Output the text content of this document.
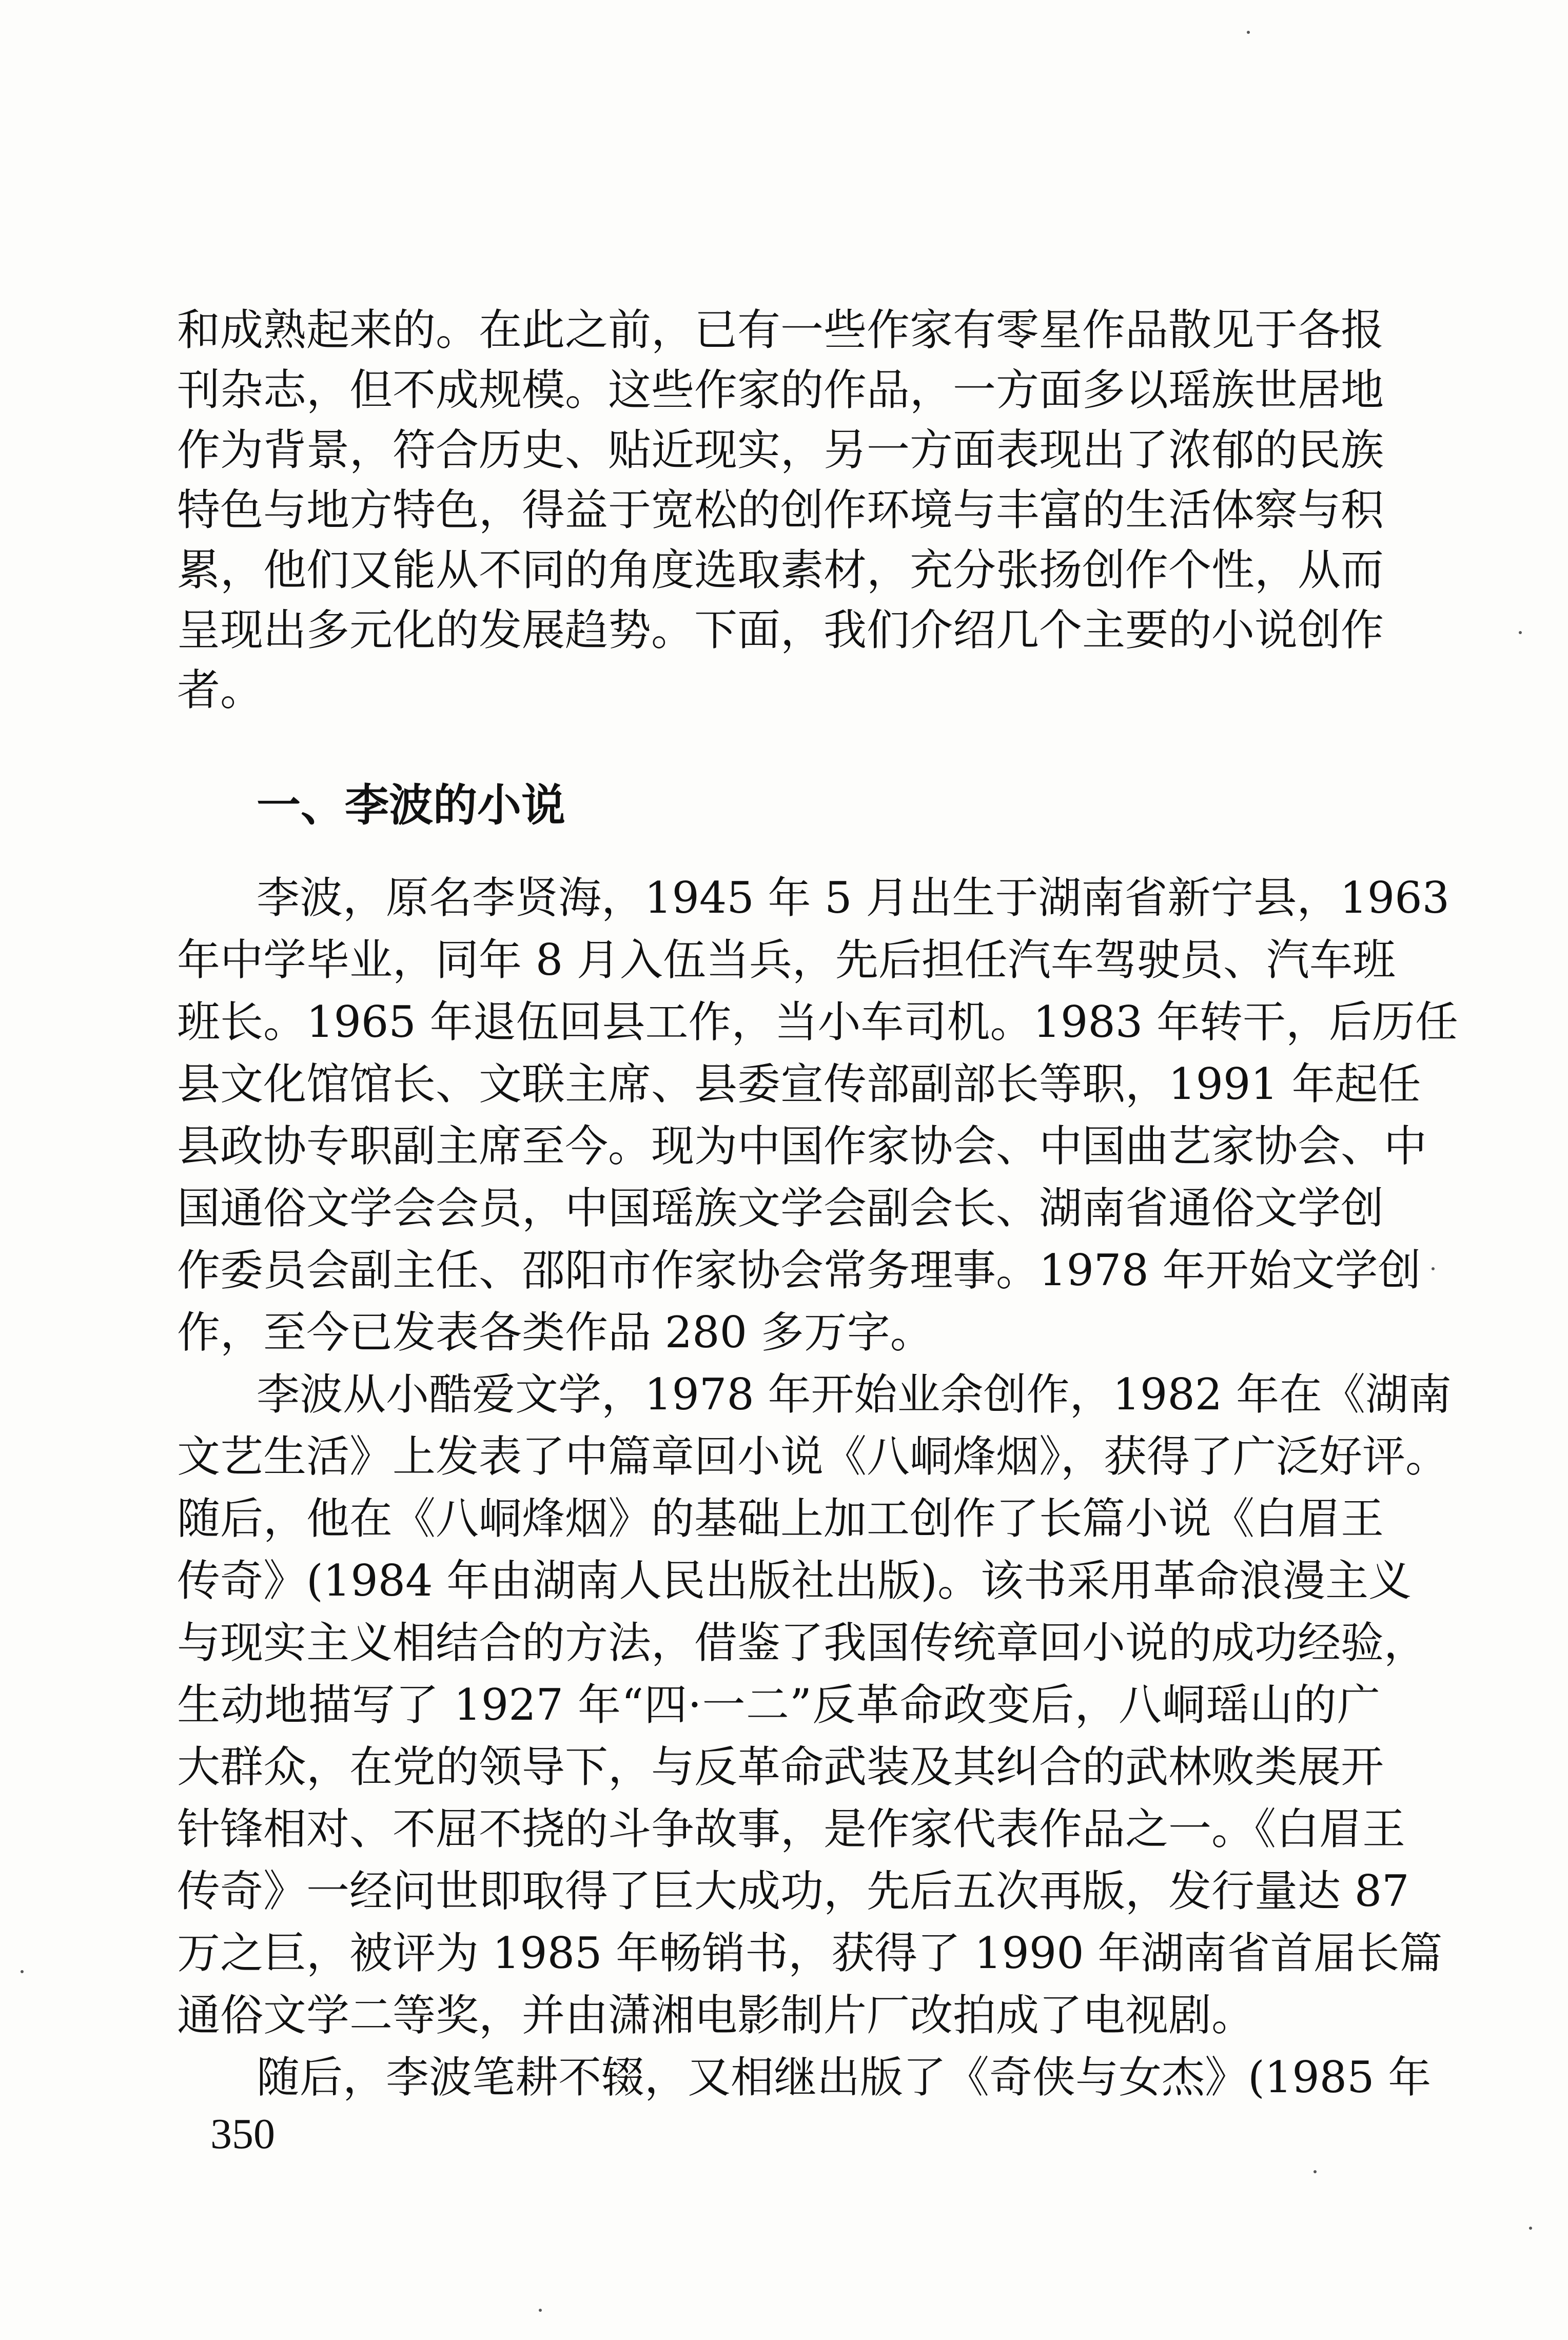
和成熟起来的。在此之前，已有一些作家有零星作品散见于各报
刊杂志，但不成规模。这些作家的作品，一方面多以瑶族世居地
作为背景，符合历史、贴近现实，另一方面表现出了浓郁的民族
特色与地方特色，得益于宽松的创作环境与丰富的生活体察与积
累，他们又能从不同的角度选取素材，充分张扬创作个性，从而
呈现出多元化的发展趋势。下面，我们介绍几个主要的小说创作
者。
一、李波的小说
李波，原名李贤海，1945 年 5 月出生于湖南省新宁县，1963
年中学毕业，同年 8 月入伍当兵，先后担任汽车驾驶员、汽车班
班长。1965 年退伍回县工作，当小车司机。1983 年转干，后历任
县文化馆馆长、文联主席、县委宣传部副部长等职，1991 年起任
县政协专职副主席至今。现为中国作家协会、中国曲艺家协会、中
国通俗文学会会员，中国瑶族文学会副会长、湖南省通俗文学创
作委员会副主任、邵阳市作家协会常务理事。1978 年开始文学创
作，至今已发表各类作品 280 多万字。
李波从小酷爱文学，1978 年开始业余创作，1982 年在《湖南
文艺生活》上发表了中篇章回小说《八峒烽烟》，获得了广泛好评。
随后，他在《八峒烽烟》的基础上加工创作了长篇小说《白眉王
传奇》(1984 年由湖南人民出版社出版)。该书采用革命浪漫主义
与现实主义相结合的方法，借鉴了我国传统章回小说的成功经验，
生动地描写了 1927 年“四·一二”反革命政变后，八峒瑶山的广
大群众，在党的领导下，与反革命武装及其纠合的武林败类展开
针锋相对、不屈不挠的斗争故事，是作家代表作品之一。《白眉王
传奇》一经问世即取得了巨大成功，先后五次再版，发行量达 87
万之巨，被评为 1985 年畅销书，获得了 1990 年湖南省首届长篇
通俗文学二等奖，并由潇湘电影制片厂改拍成了电视剧。
随后，李波笔耕不辍，又相继出版了《奇侠与女杰》(1985 年
350
